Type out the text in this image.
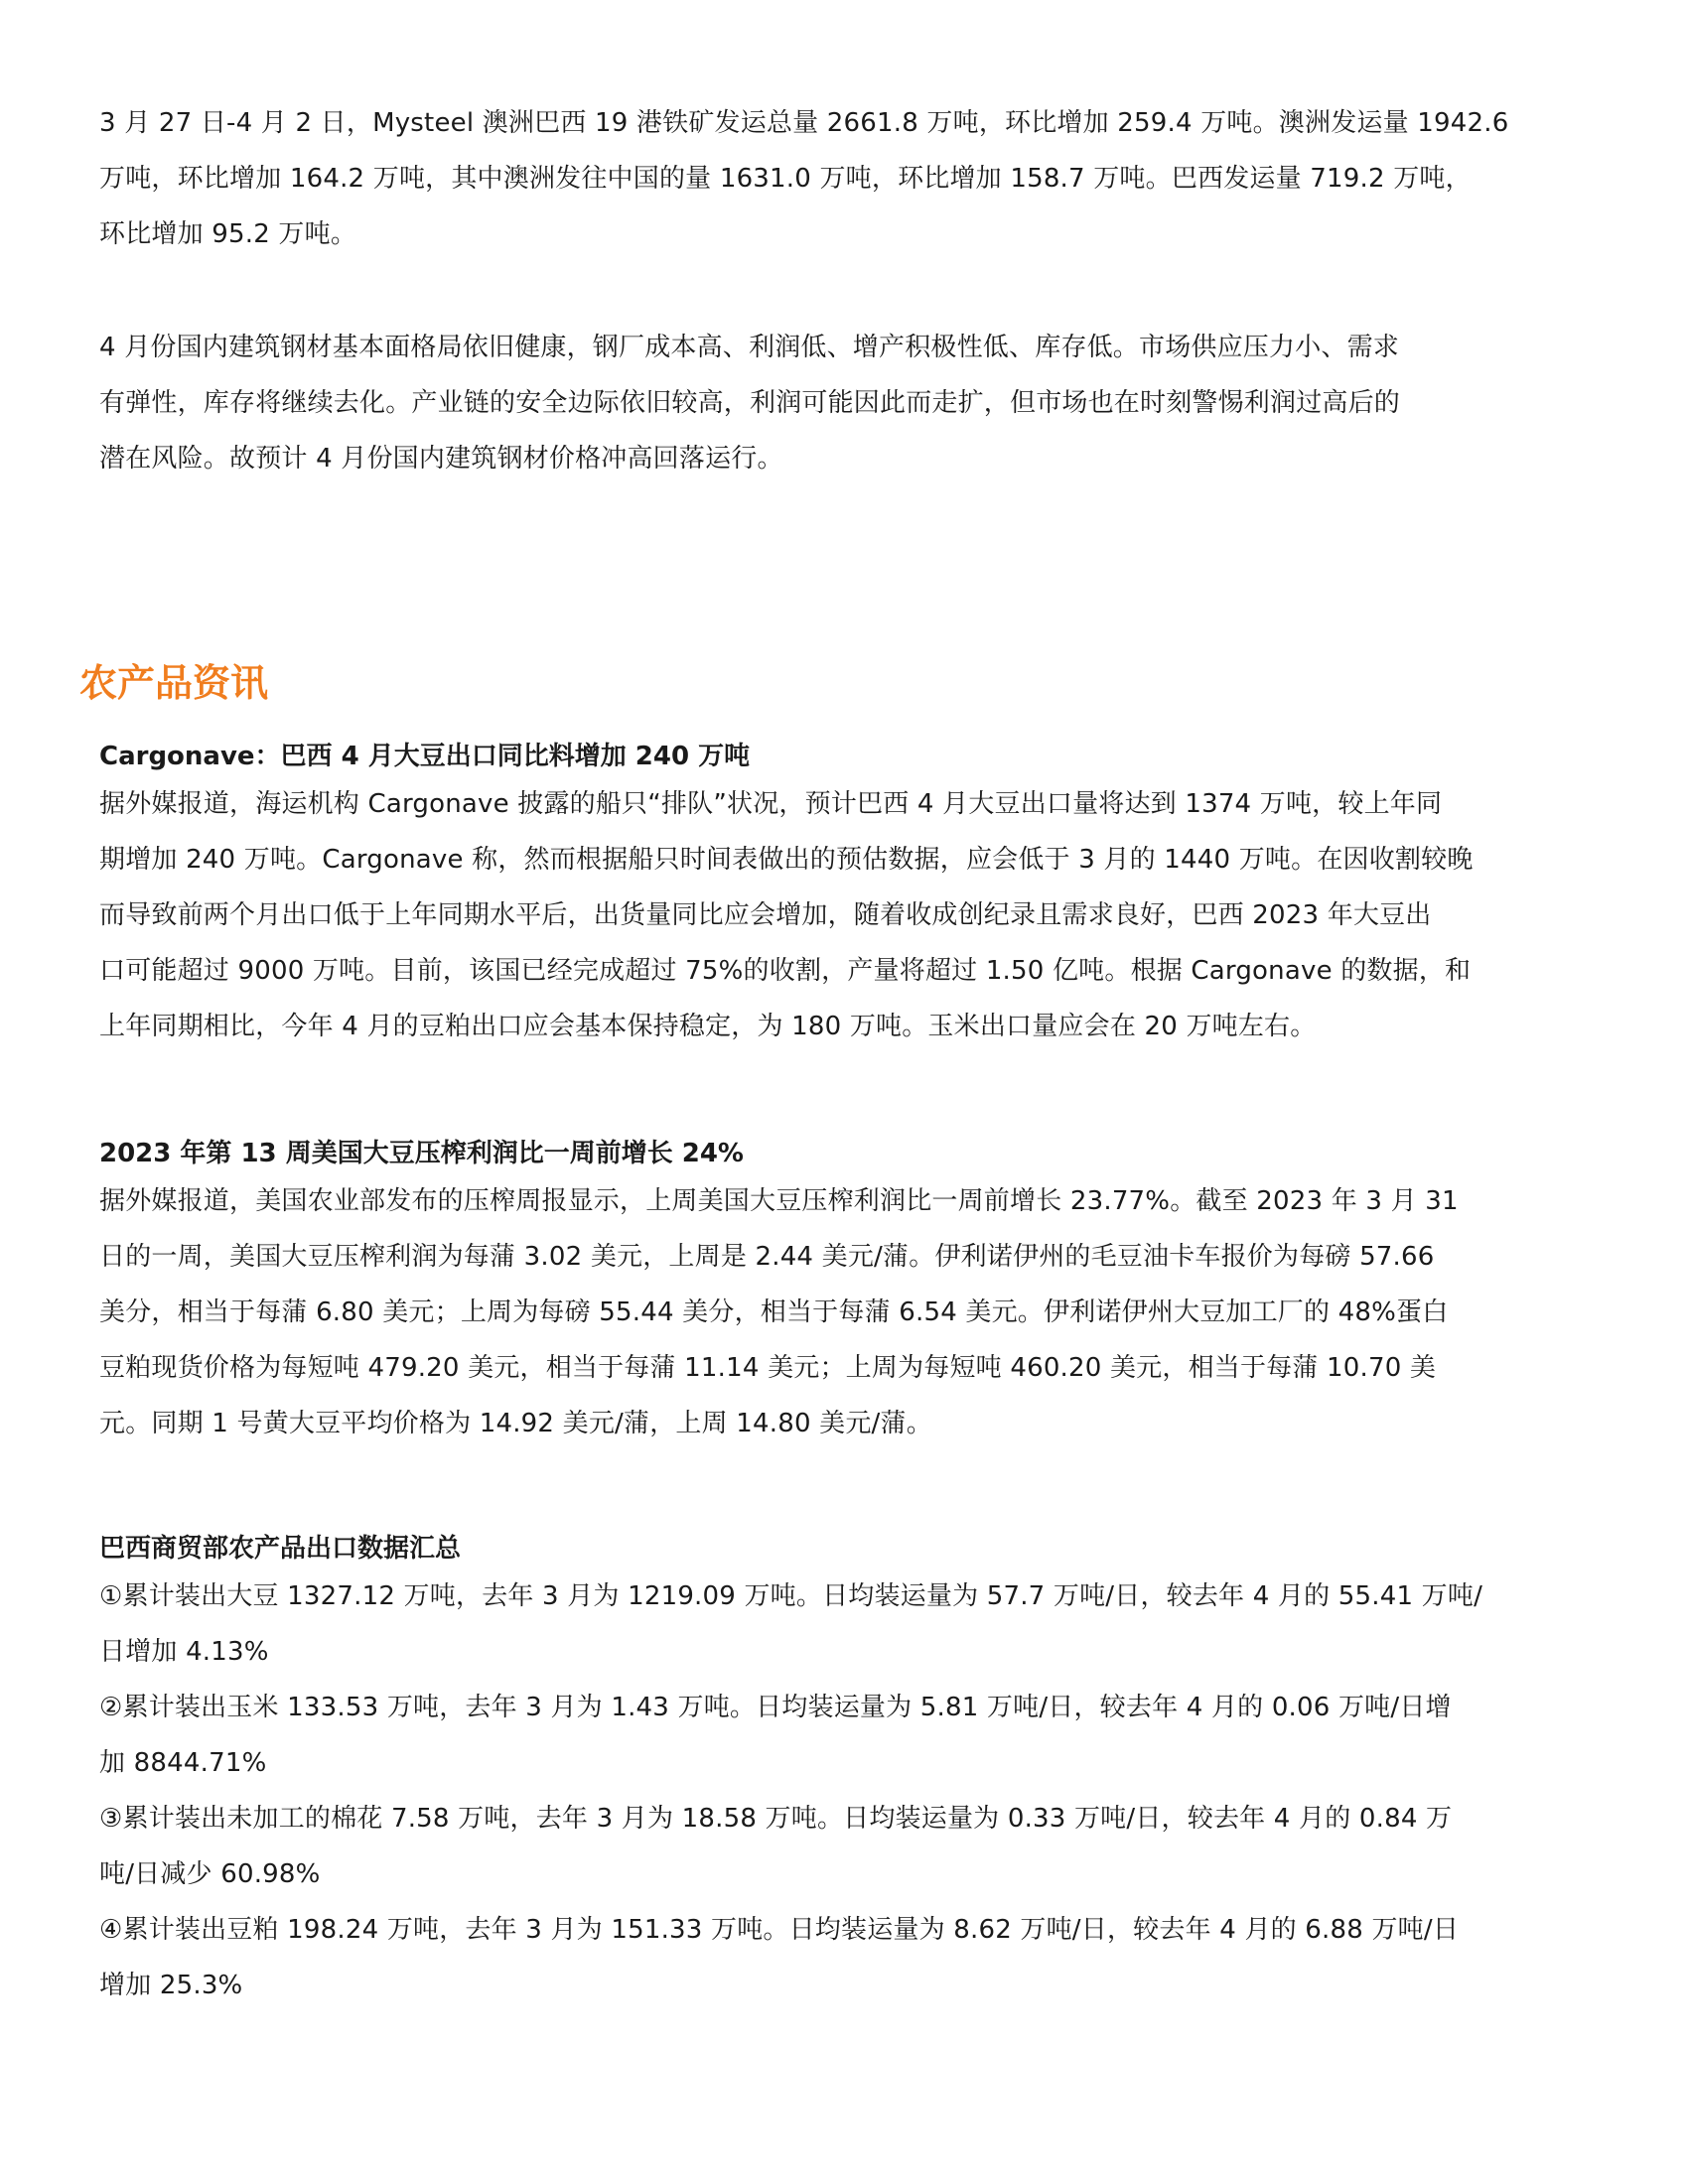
3 月 27 日-4 月 2 日，Mysteel 澳洲巴西 19 港铁矿发运总量 2661.8 万吨，环比增加 259.4 万吨。澳洲发运量 1942.6
万吨，环比增加 164.2 万吨，其中澳洲发往中国的量 1631.0 万吨，环比增加 158.7 万吨。巴西发运量 719.2 万吨，
环比增加 95.2 万吨。

4 月份国内建筑钢材基本面格局依旧健康，钢厂成本高、利润低、增产积极性低、库存低。市场供应压力小、需求
有弹性，库存将继续去化。产业链的安全边际依旧较高，利润可能因此而走扩，但市场也在时刻警惕利润过高后的
潜在风险。故预计 4 月份国内建筑钢材价格冲高回落运行。

农产品资讯
Cargonave：巴西 4 月大豆出口同比料增加 240 万吨

据外媒报道，海运机构 Cargonave 披露的船只“排队”状况，预计巴西 4 月大豆出口量将达到 1374 万吨，较上年同
期增加 240 万吨。Cargonave 称，然而根据船只时间表做出的预估数据，应会低于 3 月的 1440 万吨。在因收割较晚
而导致前两个月出口低于上年同期水平后，出货量同比应会增加，随着收成创纪录且需求良好，巴西 2023 年大豆出
口可能超过 9000 万吨。目前，该国已经完成超过 75%的收割，产量将超过 1.50 亿吨。根据 Cargonave 的数据，和
上年同期相比，今年 4 月的豆粕出口应会基本保持稳定，为 180 万吨。玉米出口量应会在 20 万吨左右。

2023 年第 13 周美国大豆压榨利润比一周前增长 24%

据外媒报道，美国农业部发布的压榨周报显示，上周美国大豆压榨利润比一周前增长 23.77%。截至 2023 年 3 月 31
日的一周，美国大豆压榨利润为每蒲 3.02 美元，上周是 2.44 美元/蒲。伊利诺伊州的毛豆油卡车报价为每磅 57.66
美分，相当于每蒲 6.80 美元；上周为每磅 55.44 美分，相当于每蒲 6.54 美元。伊利诺伊州大豆加工厂的 48%蛋白
豆粕现货价格为每短吨 479.20 美元，相当于每蒲 11.14 美元；上周为每短吨 460.20 美元，相当于每蒲 10.70 美
元。同期 1 号黄大豆平均价格为 14.92 美元/蒲，上周 14.80 美元/蒲。

巴西商贸部农产品出口数据汇总

①累计装出大豆 1327.12 万吨，去年 3 月为 1219.09 万吨。日均装运量为 57.7 万吨/日，较去年 4 月的 55.41 万吨/
日增加 4.13%
②累计装出玉米 133.53 万吨，去年 3 月为 1.43 万吨。日均装运量为 5.81 万吨/日，较去年 4 月的 0.06 万吨/日增
加 8844.71%
③累计装出未加工的棉花 7.58 万吨，去年 3 月为 18.58 万吨。日均装运量为 0.33 万吨/日，较去年 4 月的 0.84 万
吨/日减少 60.98%
④累计装出豆粕 198.24 万吨，去年 3 月为 151.33 万吨。日均装运量为 8.62 万吨/日，较去年 4 月的 6.88 万吨/日
增加 25.3%
